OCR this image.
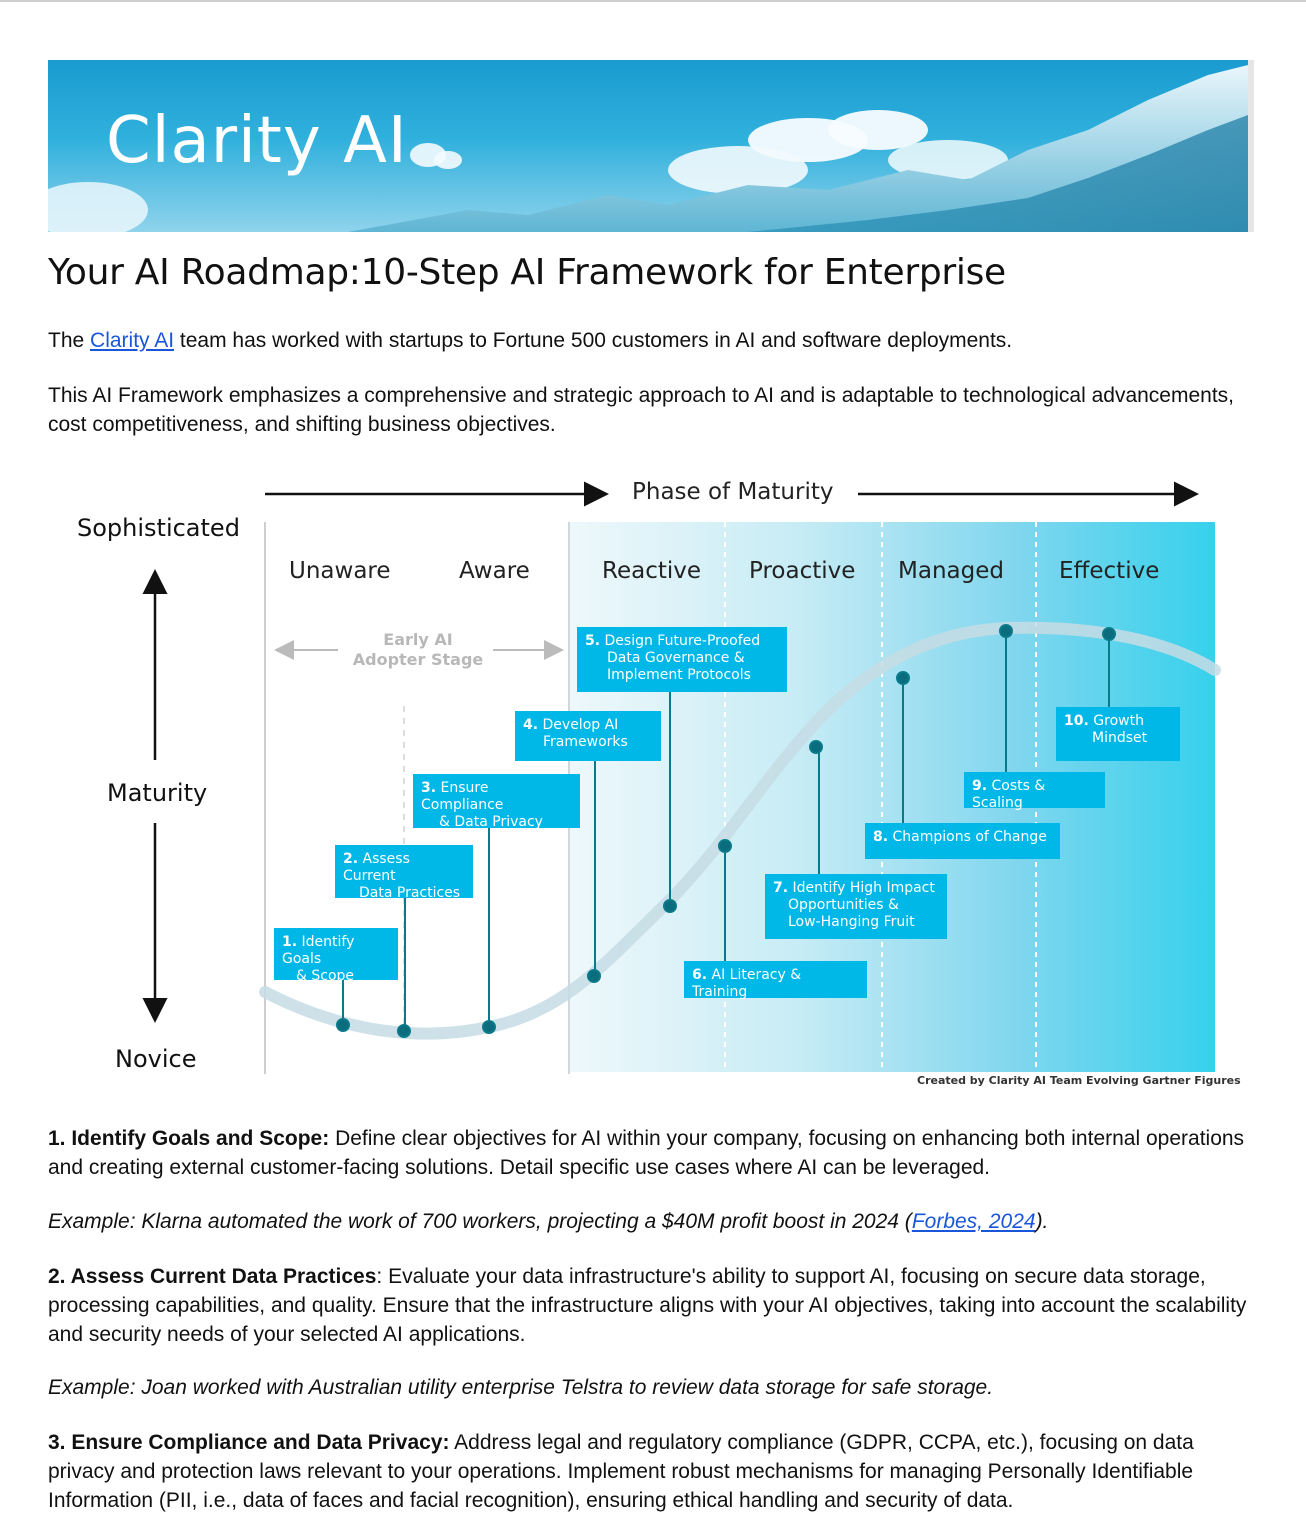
Clarity AI
Your AI Roadmap:10-Step AI Framework for Enterprise

The Clarity AI team has worked with startups to Fortune 500 customers in AI and software deployments.

This AI Framework emphasizes a comprehensive and strategic approach to AI and is adaptable to technological advancements, cost competitiveness, and shifting business objectives.

Phase of Maturity
Sophisticated
Maturity
Novice
Unaware	Aware	Reactive Proactive Managed Effective
Early AI
Adopter Stage
1. Identify Goals
& Scope
2. Assess Current
Data Practices
3. Ensure Compliance
& Data Privacy
4. Develop AI
Frameworks
5. Design Future-Proofed
Data Governance &
Implement Protocols
6. AI Literacy & Training
7. Identify High Impact
Opportunities &
Low-Hanging Fruit
8. Champions of Change
9. Costs & Scaling
10. Growth
Mindset
Created by Clarity AI Team Evolving Gartner Figures

1. Identify Goals and Scope: Define clear objectives for AI within your company, focusing on enhancing both internal operations and creating external customer-facing solutions. Detail specific use cases where AI can be leveraged.

Example: Klarna automated the work of 700 workers, projecting a $40M profit boost in 2024 (Forbes, 2024).

2. Assess Current Data Practices: Evaluate your data infrastructure's ability to support AI, focusing on secure data storage, processing capabilities, and quality. Ensure that the infrastructure aligns with your AI objectives, taking into account the scalability and security needs of your selected AI applications.

Example: Joan worked with Australian utility enterprise Telstra to review data storage for safe storage.

3. Ensure Compliance and Data Privacy: Address legal and regulatory compliance (GDPR, CCPA, etc.), focusing on data privacy and protection laws relevant to your operations. Implement robust mechanisms for managing Personally Identifiable Information (PII, i.e., data of faces and facial recognition), ensuring ethical handling and security of data.
